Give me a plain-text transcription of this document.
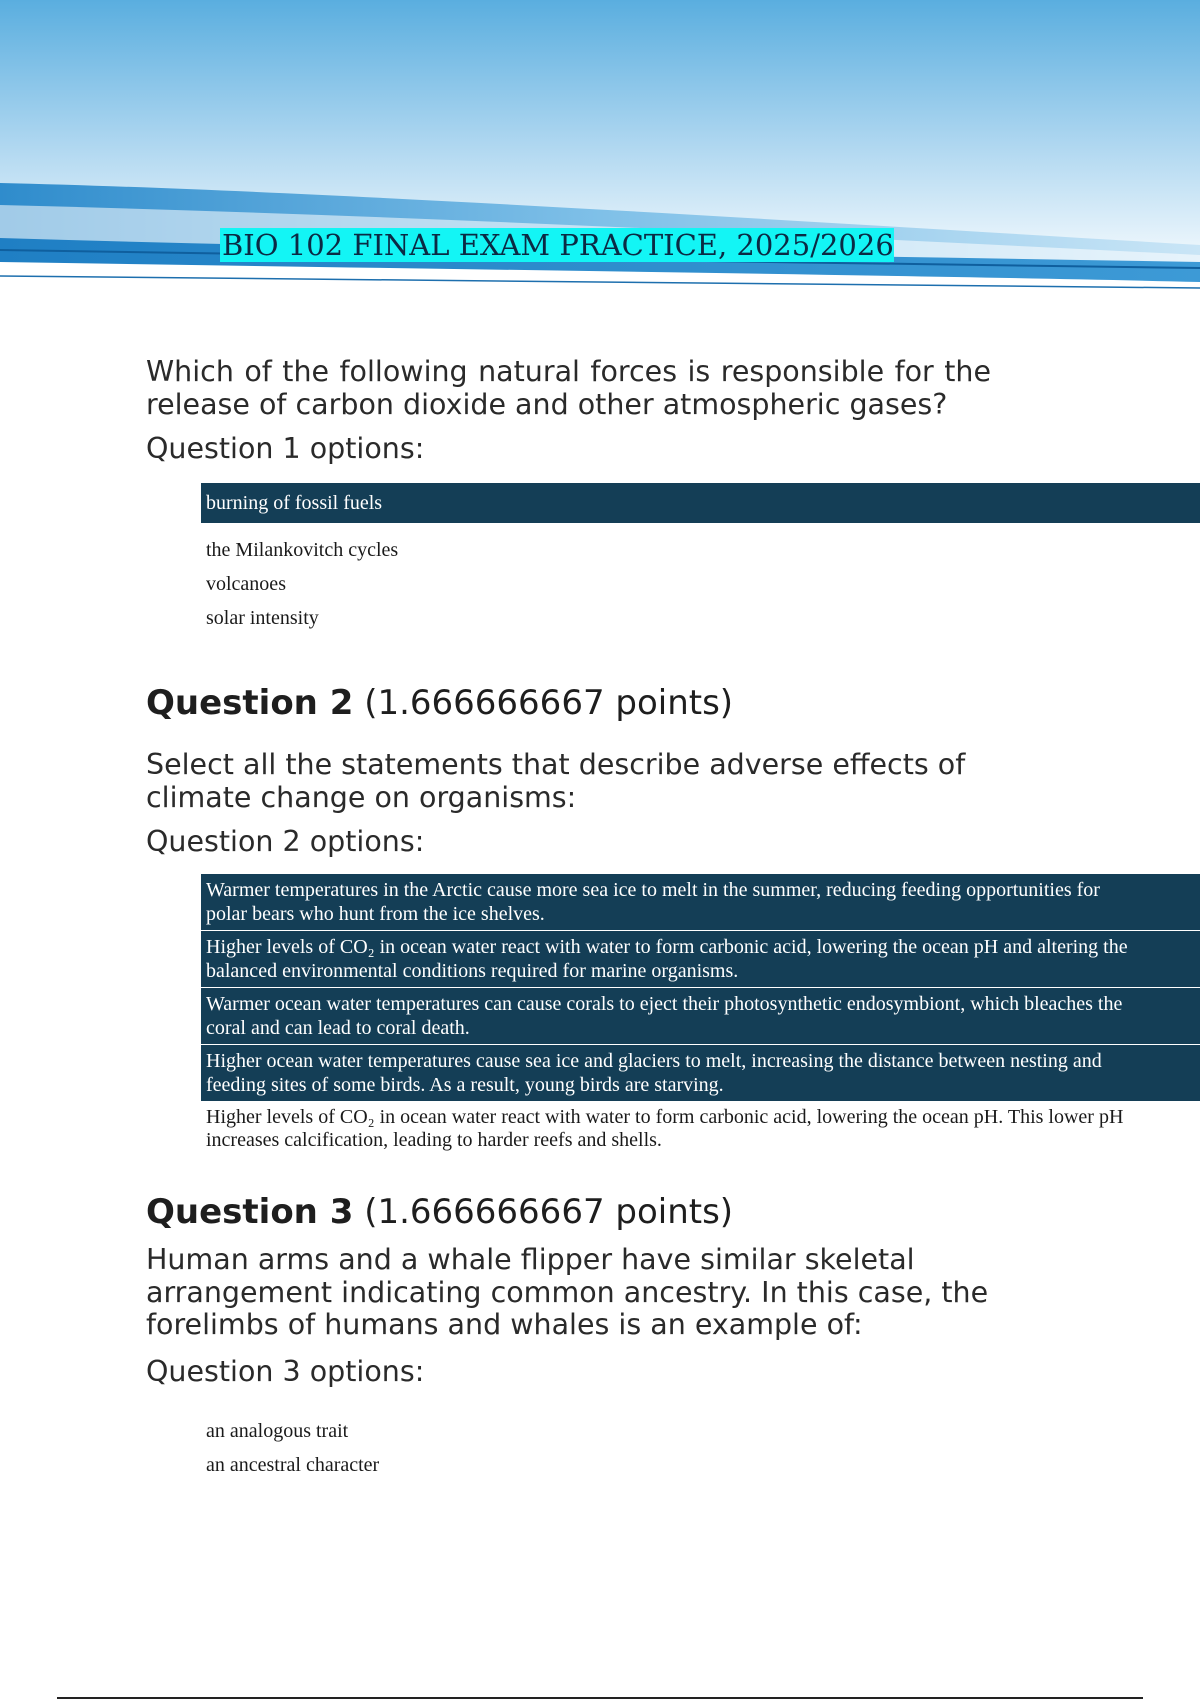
BIO 102 FINAL EXAM PRACTICE, 2025/2026

Which of the following natural forces is responsible for the release of carbon dioxide and other atmospheric gases?

Question 1 options:

burning of fossil fuels
the Milankovitch cycles
volcanoes
solar intensity

Question 2 (1.666666667 points)

Select all the statements that describe adverse effects of climate change on organisms:

Question 2 options:

Warmer temperatures in the Arctic cause more sea ice to melt in the summer, reducing feeding opportunities for
polar bears who hunt from the ice shelves.
Higher levels of CO₂ in ocean water react with water to form carbonic acid, lowering the ocean pH and altering the
balanced environmental conditions required for marine organisms.
Warmer ocean water temperatures can cause corals to eject their photosynthetic endosymbiont, which bleaches the
coral and can lead to coral death.
Higher ocean water temperatures cause sea ice and glaciers to melt, increasing the distance between nesting and
feeding sites of some birds. As a result, young birds are starving.
Higher levels of CO₂ in ocean water react with water to form carbonic acid, lowering the ocean pH. This lower pH
increases calcification, leading to harder reefs and shells.

Question 3 (1.666666667 points)

Human arms and a whale flipper have similar skeletal arrangement indicating common ancestry. In this case, the forelimbs of humans and whales is an example of:

Question 3 options:

an analogous trait
an ancestral character
